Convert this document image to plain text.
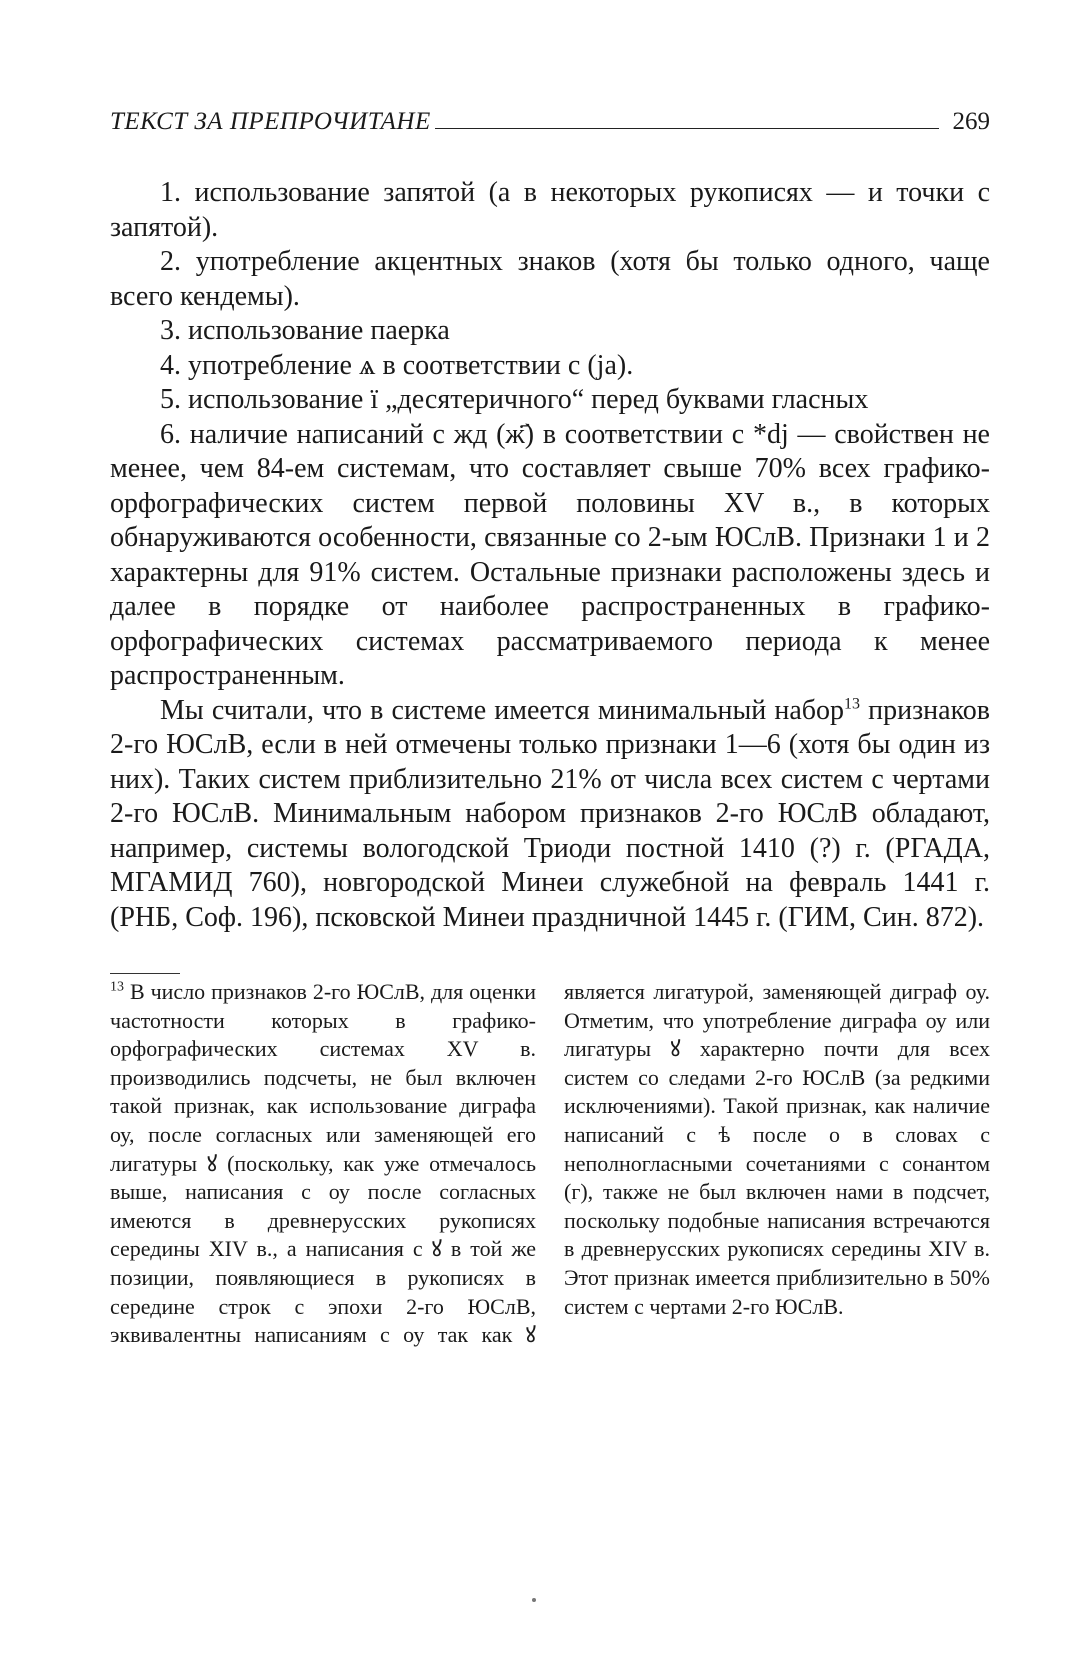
ТЕКСТ ЗА ПРЕПРОЧИТАНЕ	269

1. использование запятой (а в некоторых рукописях — и точки с запятой).

2. употребление акцентных знаков (хотя бы только одного, чаще всего кендемы).

3. использование паерка

4. употребление ѧ в соответствии с (ja).

5. использование ї „десятеричного“ перед буквами гласных

6. наличие написаний с жд (ж҃) в соответствии с *dj — свойствен не менее, чем 84-ем системам, что составляет свыше 70% всех графико-орфографических систем первой половины XV в., в которых обнаруживаются особенности, связанные со 2-ым ЮСлВ. Признаки 1 и 2 характерны для 91% систем. Остальные признаки расположены здесь и далее в порядке от наиболее распространенных в графико-орфографических системах рассматриваемого периода к менее распространенным.

Мы считали, что в системе имеется минимальный набор$^{13}$ признаков 2-го ЮСлВ, если в ней отмечены только признаки 1—6 (хотя бы один из них). Таких систем приблизительно 21% от числа всех систем с чертами 2-го ЮСлВ. Минимальным набором признаков 2-го ЮСлВ обладают, например, системы вологодской Триоди постной 1410 (?) г. (РГАДА, МГАМИД 760), новгородской Минеи служебной на февраль 1441 г. (РНБ, Соф. 196), псковской Минеи праздничной 1445 г. (ГИМ, Син. 872).

$^{13}$ В число признаков 2-го ЮСлВ, для оценки частотности которых в графико-орфографических системах XV в. производились подсчеты, не был включен такой признак, как использование диграфа оу, после согласных или заменяющей его лигатуры ꙋ (поскольку, как уже отмечалось выше, написания с оу после согласных имеются в древнерусских рукописях середины XIV в., а написания с ꙋ в той же позиции, появляющиеся в рукописях в середине строк с эпохи 2-го ЮСлВ, эквивалентны написаниям с оу так как ꙋ является лигатурой, заменяющей диграф оу. Отметим, что употребление диграфа оу или лигатуры ꙋ характерно почти для всех систем со следами 2-го ЮСлВ (за редкими исключениями). Такой признак, как наличие написаний с ѣ после о в словах с неполногласными сочетаниями с сонантом (г), также не был включен нами в подсчет, поскольку подобные написания встречаются в древнерусских рукописях середины XIV в. Этот признак имеется приблизительно в 50% систем с чертами 2-го ЮСлВ.
